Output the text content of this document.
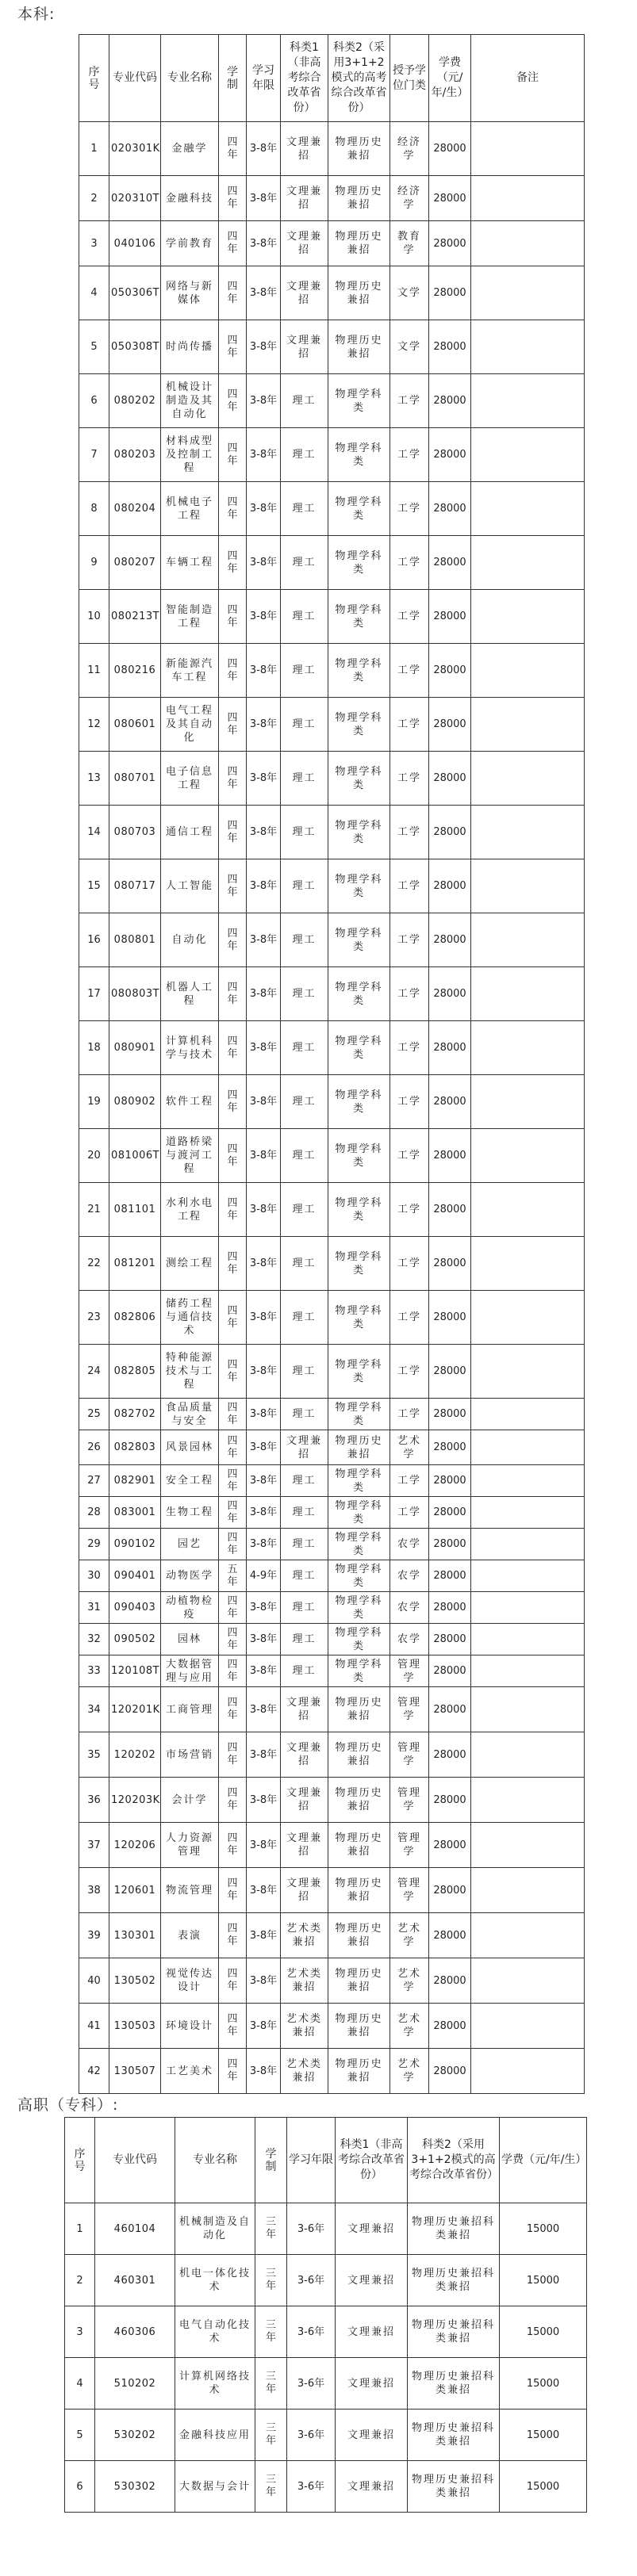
本科:
序号	专业代码	专业名称	学制	学习年限	科类1（非高考综合改革省份）	科类2（采用3+1+2模式的高考综合改革省份）	授予学位门类	学费（元/年/生）	备注
1	020301K	金融学	四年	3-8年	文理兼招	物理历史兼招	经济学	28000	
2	020310T	金融科技	四年	3-8年	文理兼招	物理历史兼招	经济学	28000	
3	040106	学前教育	四年	3-8年	文理兼招	物理历史兼招	教育学	28000	
4	050306T	网络与新媒体	四年	3-8年	文理兼招	物理历史兼招	文学	28000	
5	050308T	时尚传播	四年	3-8年	文理兼招	物理历史兼招	文学	28000	
6	080202	机械设计制造及其自动化	四年	3-8年	理工	物理学科类	工学	28000	
7	080203	材料成型及控制工程	四年	3-8年	理工	物理学科类	工学	28000	
8	080204	机械电子工程	四年	3-8年	理工	物理学科类	工学	28000	
9	080207	车辆工程	四年	3-8年	理工	物理学科类	工学	28000	
10	080213T	智能制造工程	四年	3-8年	理工	物理学科类	工学	28000	
11	080216	新能源汽车工程	四年	3-8年	理工	物理学科类	工学	28000	
12	080601	电气工程及其自动化	四年	3-8年	理工	物理学科类	工学	28000	
13	080701	电子信息工程	四年	3-8年	理工	物理学科类	工学	28000	
14	080703	通信工程	四年	3-8年	理工	物理学科类	工学	28000	
15	080717	人工智能	四年	3-8年	理工	物理学科类	工学	28000	
16	080801	自动化	四年	3-8年	理工	物理学科类	工学	28000	
17	080803T	机器人工程	四年	3-8年	理工	物理学科类	工学	28000	
18	080901	计算机科学与技术	四年	3-8年	理工	物理学科类	工学	28000	
19	080902	软件工程	四年	3-8年	理工	物理学科类	工学	28000	
20	081006T	道路桥梁与渡河工程	四年	3-8年	理工	物理学科类	工学	28000	
21	081101	水利水电工程	四年	3-8年	理工	物理学科类	工学	28000	
22	081201	测绘工程	四年	3-8年	理工	物理学科类	工学	28000	
23	082806	储药工程与通信技术	四年	3-8年	理工	物理学科类	工学	28000	
24	082805	特种能源技术与工程	四年	3-8年	理工	物理学科类	工学	28000	
25	082702	食品质量与安全	四年	3-8年	理工	物理学科类	工学	28000	
26	082803	风景园林	四年	3-8年	文理兼招	物理历史兼招	艺术学	28000	
27	082901	安全工程	四年	3-8年	理工	物理学科类	工学	28000	
28	083001	生物工程	四年	3-8年	理工	物理学科类	工学	28000	
29	090102	园艺	四年	3-8年	理工	物理学科类	农学	28000	
30	090401	动物医学	五年	4-9年	理工	物理学科类	农学	28000	
31	090403	动植物检疫	四年	3-8年	理工	物理学科类	农学	28000	
32	090502	园林	四年	3-8年	理工	物理学科类	农学	28000	
33	120108T	大数据管理与应用	四年	3-8年	理工	物理学科类	管理学	28000	
34	120201K	工商管理	四年	3-8年	文理兼招	物理历史兼招	管理学	28000	
35	120202	市场营销	四年	3-8年	文理兼招	物理历史兼招	管理学	28000	
36	120203K	会计学	四年	3-8年	文理兼招	物理历史兼招	管理学	28000	
37	120206	人力资源管理	四年	3-8年	文理兼招	物理历史兼招	管理学	28000	
38	120601	物流管理	四年	3-8年	文理兼招	物理历史兼招	管理学	28000	
39	130301	表演	四年	3-8年	艺术类兼招	物理历史兼招	艺术学	28000	
40	130502	视觉传达设计	四年	3-8年	艺术类兼招	物理历史兼招	艺术学	28000	
41	130503	环境设计	四年	3-8年	艺术类兼招	物理历史兼招	艺术学	28000	
42	130507	工艺美术	四年	3-8年	艺术类兼招	物理历史兼招	艺术学	28000	
高职（专科）:
序号	专业代码	专业名称	学制	学习年限	科类1（非高考综合改革省份）	科类2（采用3+1+2模式的高考综合改革省份）	学费（元/年/生）
1	460104	机械制造及自动化	三年	3-6年	文理兼招	物理历史兼招科类兼招	15000
2	460301	机电一体化技术	三年	3-6年	文理兼招	物理历史兼招科类兼招	15000
3	460306	电气自动化技术	三年	3-6年	文理兼招	物理历史兼招科类兼招	15000
4	510202	计算机网络技术	三年	3-6年	文理兼招	物理历史兼招科类兼招	15000
5	530202	金融科技应用	三年	3-6年	文理兼招	物理历史兼招科类兼招	15000
6	530302	大数据与会计	三年	3-6年	文理兼招	物理历史兼招科类兼招	15000
